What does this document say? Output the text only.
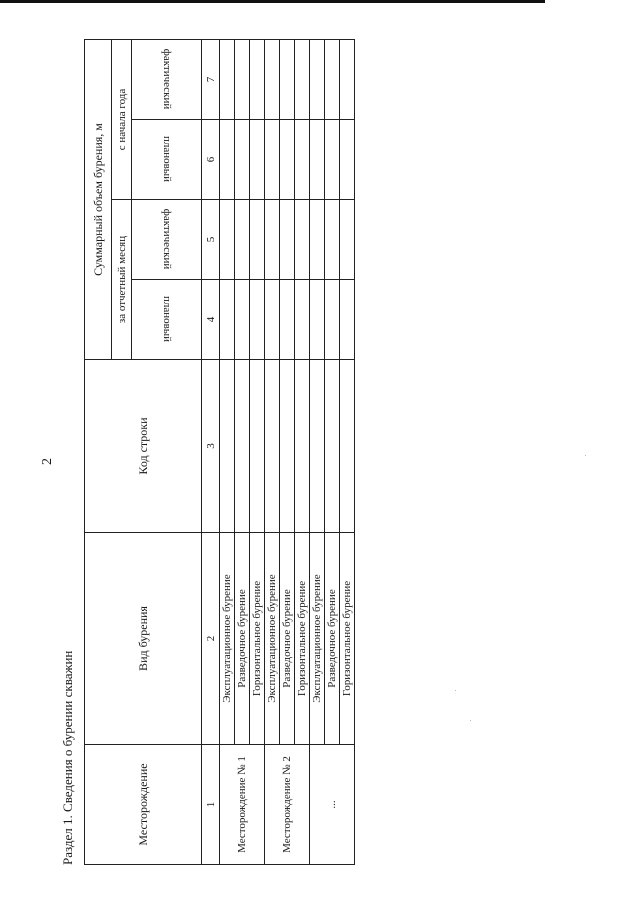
2
Раздел 1. Сведения о бурении скважин	Месторождение	Вид бурения	Код строки	Суммарный объем бурения, м			
			за отчетный месяц		с начала года	
			плановый	фактический	плановый	фактический
1	2	3	4	5	6	7
Месторождение № 1	Эксплуатационное бурение					
	Разведочное бурение					
	Горизонтальное бурение					
Месторождение № 2	Эксплуатационное бурение					
	Разведочное бурение					
	Горизонтальное бурение					
...	Эксплуатационное бурение					
	Разведочное бурение					
	Горизонтальное бурение					
